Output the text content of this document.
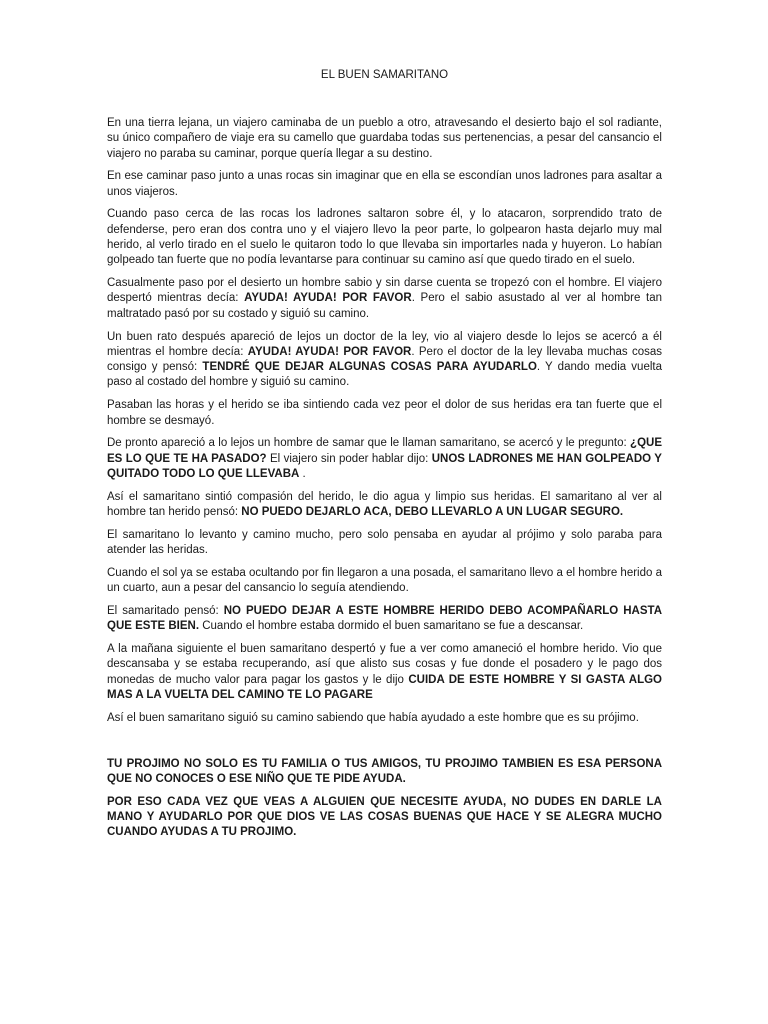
EL BUEN SAMARITANO

En una tierra lejana, un viajero caminaba de un pueblo a otro, atravesando el desierto bajo el sol radiante, su único compañero de viaje era su camello que guardaba todas sus pertenencias, a pesar del cansancio el viajero no paraba su caminar, porque quería llegar a su destino.

En ese caminar paso junto a unas rocas sin imaginar que en ella se escondían unos ladrones para asaltar a unos viajeros.

Cuando paso cerca de las rocas los ladrones saltaron sobre él, y lo atacaron, sorprendido trato de defenderse, pero eran dos contra uno y el viajero llevo la peor parte, lo golpearon hasta dejarlo muy mal herido, al verlo tirado en el suelo le quitaron todo lo que llevaba sin importarles nada y huyeron. Lo habían golpeado tan fuerte que no podía levantarse para continuar su camino así que quedo tirado en el suelo.

Casualmente paso por el desierto un hombre sabio y sin darse cuenta se tropezó con el hombre. El viajero despertó mientras decía: AYUDA! AYUDA! POR FAVOR. Pero el sabio asustado al ver al hombre tan maltratado pasó por su costado y siguió su camino.

Un buen rato después apareció de lejos un doctor de la ley, vio al viajero desde lo lejos se acercó a él mientras el hombre decía: AYUDA! AYUDA! POR FAVOR. Pero el doctor de la ley llevaba muchas cosas consigo y pensó: TENDRÉ QUE DEJAR ALGUNAS COSAS PARA AYUDARLO. Y dando media vuelta paso al costado del hombre y siguió su camino.

Pasaban las horas y el herido se iba sintiendo cada vez peor el dolor de sus heridas era tan fuerte que el hombre se desmayó.

De pronto apareció a lo lejos un hombre de samar que le llaman samaritano, se acercó y le pregunto: ¿QUE ES LO QUE TE HA PASADO? El viajero sin poder hablar dijo: UNOS LADRONES ME HAN GOLPEADO Y QUITADO TODO LO QUE LLEVABA .

Así el samaritano sintió compasión del herido, le dio agua y limpio sus heridas. El samaritano al ver al hombre tan herido pensó: NO PUEDO DEJARLO ACA, DEBO LLEVARLO A UN LUGAR SEGURO.

El samaritano lo levanto y camino mucho, pero solo pensaba en ayudar al prójimo y solo paraba para atender las heridas.

Cuando el sol ya se estaba ocultando por fin llegaron a una posada, el samaritano llevo a el hombre herido a un cuarto, aun a pesar del cansancio lo seguía atendiendo.

El samaritado pensó: NO PUEDO DEJAR A ESTE HOMBRE HERIDO DEBO ACOMPAÑARLO HASTA QUE ESTE BIEN. Cuando el hombre estaba dormido el buen samaritano se fue a descansar.

A la mañana siguiente el buen samaritano despertó y fue a ver como amaneció el hombre herido. Vio que descansaba y se estaba recuperando, así que alisto sus cosas y fue donde el posadero y le pago dos monedas de mucho valor para pagar los gastos y le dijo CUIDA DE ESTE HOMBRE Y SI GASTA ALGO MAS A LA VUELTA DEL CAMINO TE LO PAGARE

Así el buen samaritano siguió su camino sabiendo que había ayudado a este hombre que es su prójimo.

TU PROJIMO NO SOLO ES TU FAMILIA O TUS AMIGOS, TU PROJIMO TAMBIEN ES ESA PERSONA QUE NO CONOCES O ESE NIÑO QUE TE PIDE AYUDA.

POR ESO CADA VEZ QUE VEAS A ALGUIEN QUE NECESITE AYUDA, NO DUDES EN DARLE LA MANO Y AYUDARLO POR QUE DIOS VE LAS COSAS BUENAS QUE HACE Y SE ALEGRA MUCHO CUANDO AYUDAS A TU PROJIMO.
